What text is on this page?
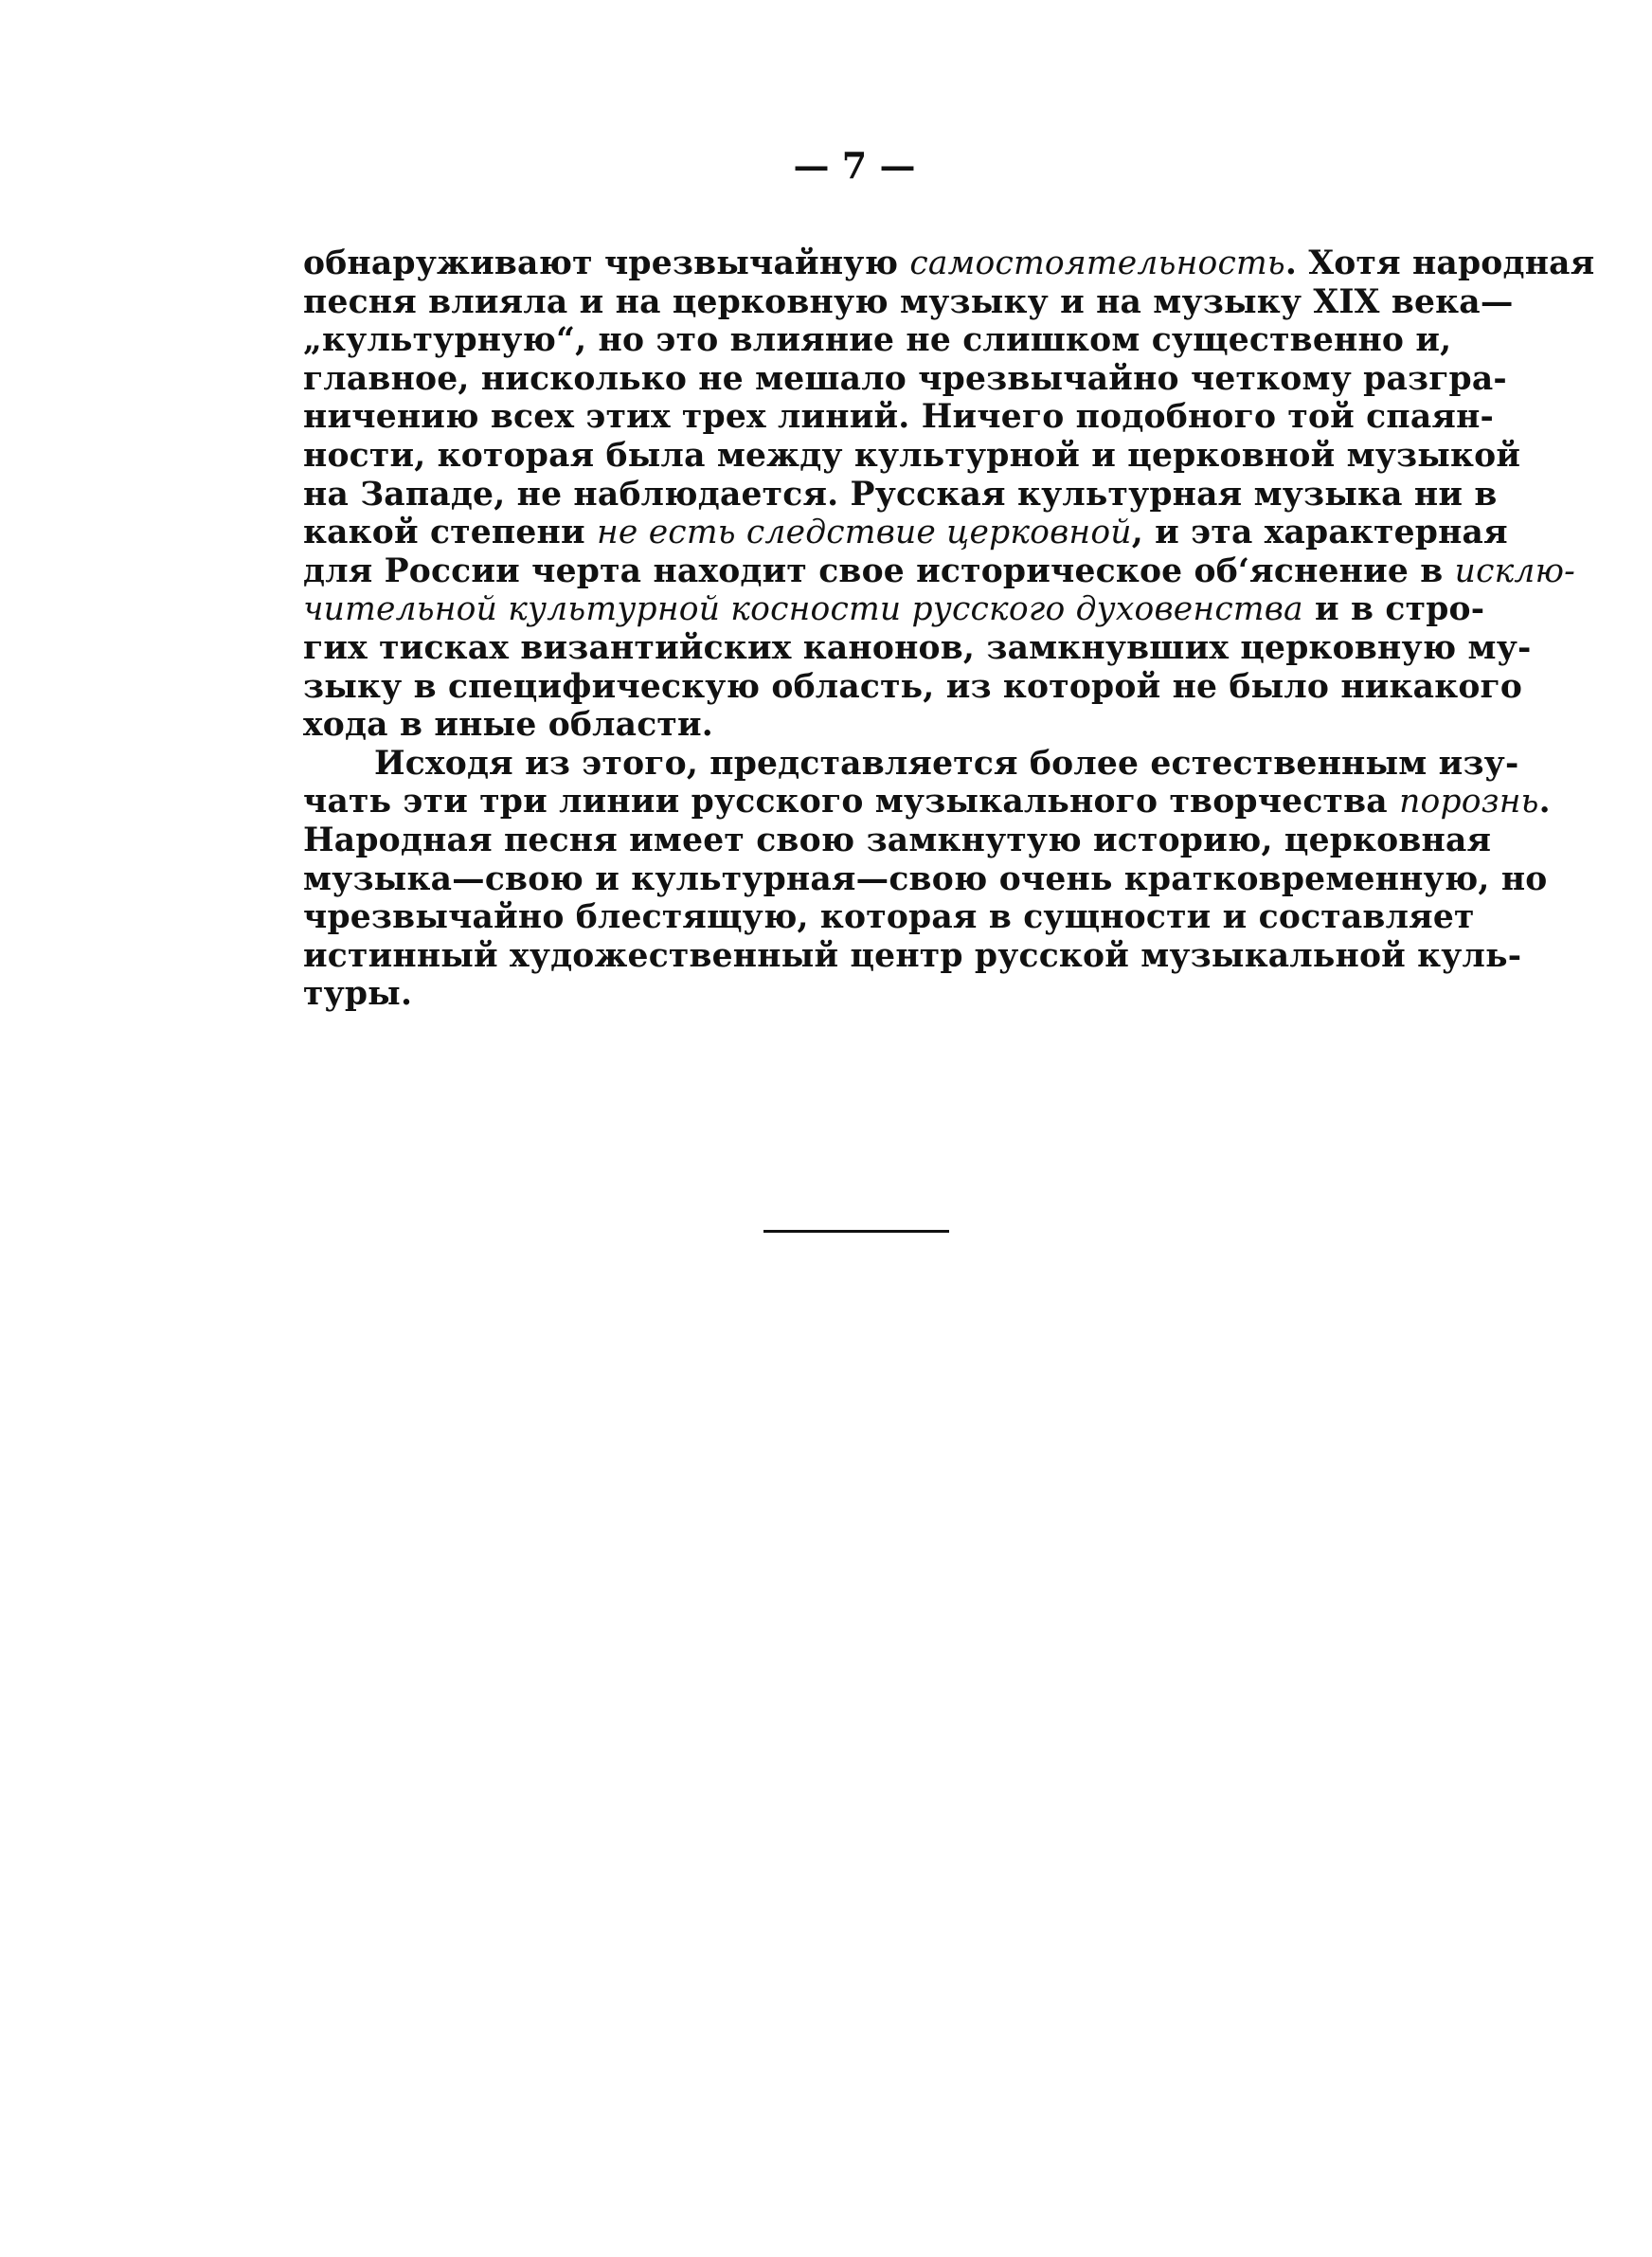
— 7 —
обнаруживают чрезвычайную самостоятельность. Хотя народная
песня влияла и на церковную музыку и на музыку XIX века—
„культурную“, но это влияние не слишком существенно и,
главное, нисколько не мешало чрезвычайно четкому разгра-
ничению всех этих трех линий. Ничего подобного той спаян-
ности, которая была между культурной и церковной музыкой
на Западе, не наблюдается. Русская культурная музыка ни в
какой степени не есть следствие церковной, и эта характерная
для России черта находит свое историческое об‘яснение в исклю-
чительной культурной косности русского духовенства и в стро-
гих тисках византийских канонов, замкнувших церковную му-
зыку в специфическую область, из которой не было никакого
хода в иные области.
Исходя из этого, представляется более естественным изу-
чать эти три линии русского музыкального творчества порознь.
Народная песня имеет свою замкнутую историю, церковная
музыка—свою и культурная—свою очень кратковременную, но
чрезвычайно блестящую, которая в сущности и составляет
истинный художественный центр русской музыкальной куль-
туры.
